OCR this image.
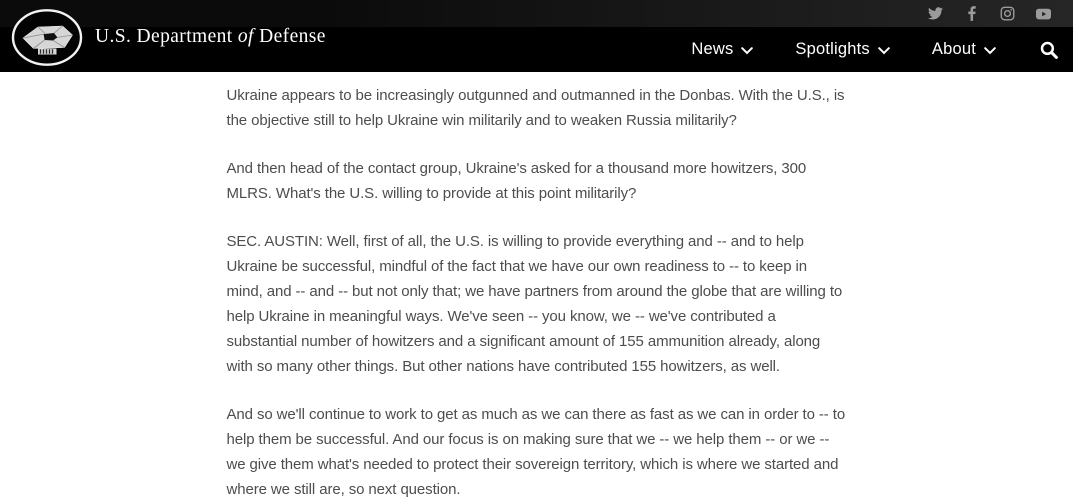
News	Spotlights	About
U.S. Department of Defense

Ukraine appears to be increasingly outgunned and outmanned in the Donbas. With the U.S., is the objective still to help Ukraine win militarily and to weaken Russia militarily?

And then head of the contact group, Ukraine's asked for a thousand more howitzers, 300 MLRS. What's the U.S. willing to provide at this point militarily?

SEC. AUSTIN: Well, first of all, the U.S. is willing to provide everything and -- and to help Ukraine be successful, mindful of the fact that we have our own readiness to -- to keep in mind, and -- and -- but not only that; we have partners from around the globe that are willing to help Ukraine in meaningful ways. We've seen -- you know, we -- we've contributed a substantial number of howitzers and a significant amount of 155 ammunition already, along with so many other things. But other nations have contributed 155 howitzers, as well.

And so we'll continue to work to get as much as we can there as fast as we can in order to -- to help them be successful. And our focus is on making sure that we -- we help them -- or we -- we give them what's needed to protect their sovereign territory, which is where we started and where we still are, so next question.
